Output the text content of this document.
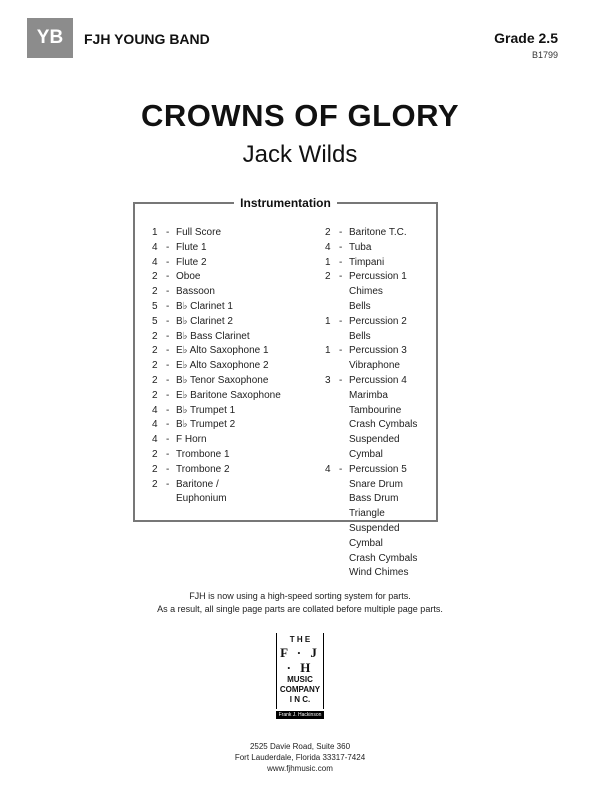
YB	FJH YOUNG BAND	Grade 2.5
B1799
CROWNS OF GLORY
Jack Wilds
Instrumentation
1 - Full Score
4 - Flute 1
4 - Flute 2
2 - Oboe
2 - Bassoon
5 - B♭ Clarinet 1
5 - B♭ Clarinet 2
2 - B♭ Bass Clarinet
2 - E♭ Alto Saxophone 1
2 - E♭ Alto Saxophone 2
2 - B♭ Tenor Saxophone
2 - E♭ Baritone Saxophone
4 - B♭ Trumpet 1
4 - B♭ Trumpet 2
4 - F Horn
2 - Trombone 1
2 - Trombone 2
2 - Baritone /
Euphonium
2 - Baritone T.C.
4 - Tuba
1 - Timpani
2 - Percussion 1
Chimes
Bells
1 - Percussion 2
Bells
1 - Percussion 3
Vibraphone
3 - Percussion 4
Marimba
Tambourine
Crash Cymbals
Suspended Cymbal
4 - Percussion 5
Snare Drum
Bass Drum
Triangle
Suspended Cymbal
Crash Cymbals
Wind Chimes
FJH is now using a high-speed sorting system for parts.
As a result, all single page parts are collated before multiple page parts.
T H E
F · J · H
MUSIC
COMPANY
I N C.
Frank J. Hackinson
2525 Davie Road, Suite 360
Fort Lauderdale, Florida 33317-7424
www.fjhmusic.com
